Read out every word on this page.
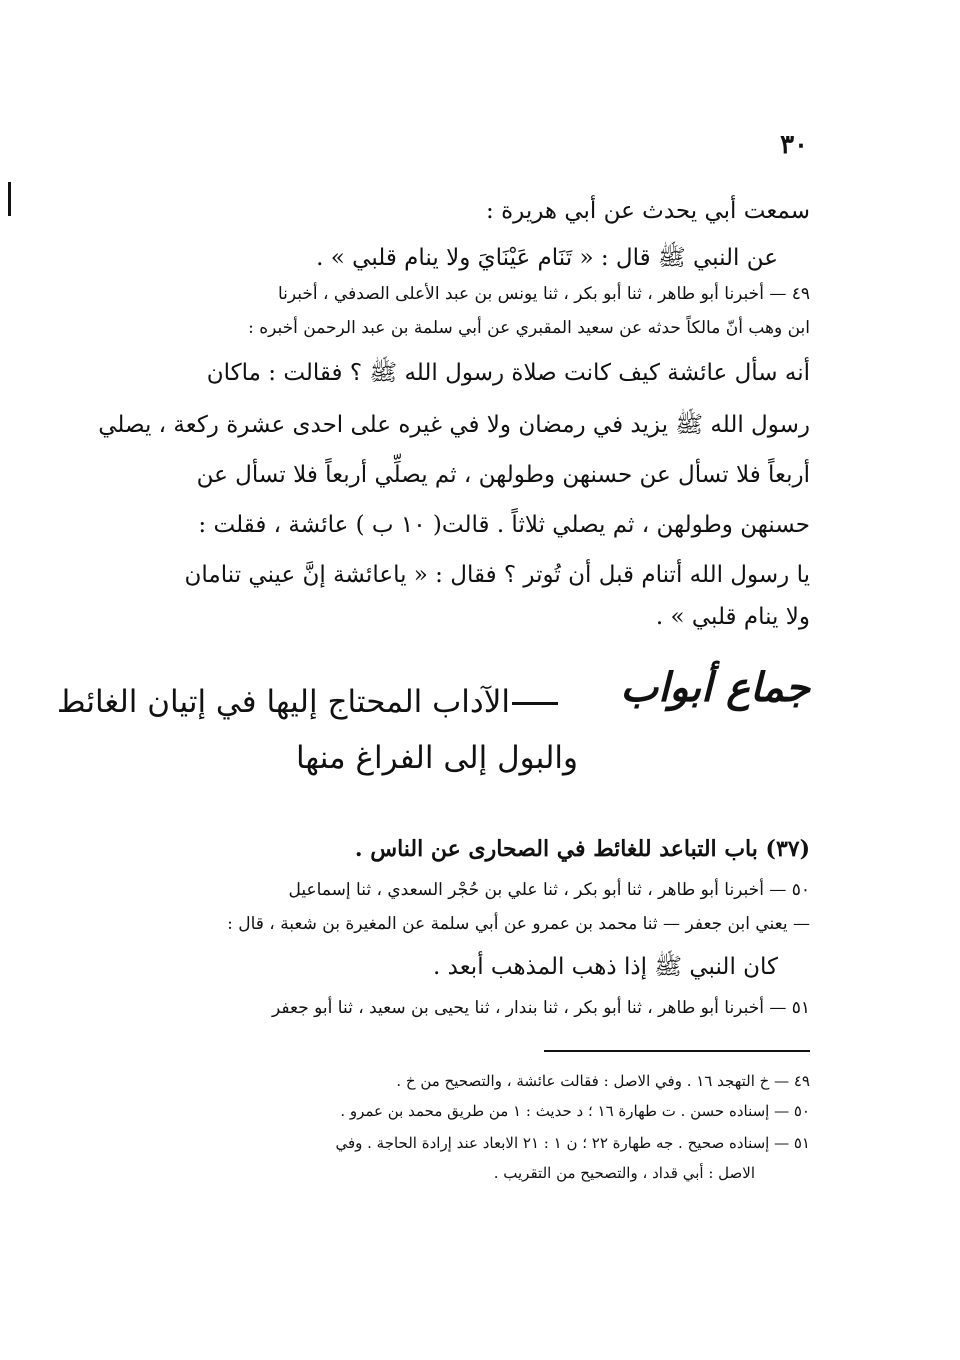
٣٠
سمعت أبي يحدث عن أبي هريرة :
عن النبي ﷺ قال : « تَنَام عَيْنَايَ ولا ينام قلبي » .
٤٩ — أخبرنا أبو طاهر ، ثنا أبو بكر ، ثنا يونس بن عبد الأعلى الصدفي ، أخبرنا
ابن وهب أنّ مالكاً حدثه عن سعيد المقبري عن أبي سلمة بن عبد الرحمن أخبره :
أنه سأل عائشة كيف كانت صلاة رسول الله ﷺ ؟ فقالت : ماكان
رسول الله ﷺ يزيد في رمضان ولا في غيره على احدى عشرة ركعة ، يصلي
أربعاً فلا تسأل عن حسنهن وطولهن ، ثم يصلِّي أربعاً فلا تسأل عن
حسنهن وطولهن ، ثم يصلي ثلاثاً . قالت( ١٠ ب ) عائشة ، فقلت :
يا رسول الله أتنام قبل أن تُوتر ؟ فقال : « ياعائشة إنَّ عيني تنامان
ولا ينام قلبي » .
جماع أبواب
الآداب المحتاج إليها في إتيان الغائط
والبول إلى الفراغ منها
(٣٧) باب التباعد للغائط في الصحارى عن الناس .
٥٠ — أخبرنا أبو طاهر ، ثنا أبو بكر ، ثنا علي بن حُجْر السعدي ، ثنا إسماعيل
— يعني ابن جعفر — ثنا محمد بن عمرو عن أبي سلمة عن المغيرة بن شعبة ، قال :
كان النبي ﷺ إذا ذهب المذهب أبعد .
٥١ — أخبرنا أبو طاهر ، ثنا أبو بكر ، ثنا بندار ، ثنا يحيى بن سعيد ، ثنا أبو جعفر
٤٩ — خ التهجد ١٦ . وفي الاصل : فقالت عائشة ، والتصحيح من خ .
٥٠ — إسناده حسن . ت طهارة ١٦ ؛ د حديث : ١ من طريق محمد بن عمرو .
٥١ — إسناده صحيح . جه طهارة ٢٢ ؛ ن ١ : ٢١ الابعاد عند إرادة الحاجة . وفي
الاصل : أبي قداد ، والتصحيح من التقريب .
